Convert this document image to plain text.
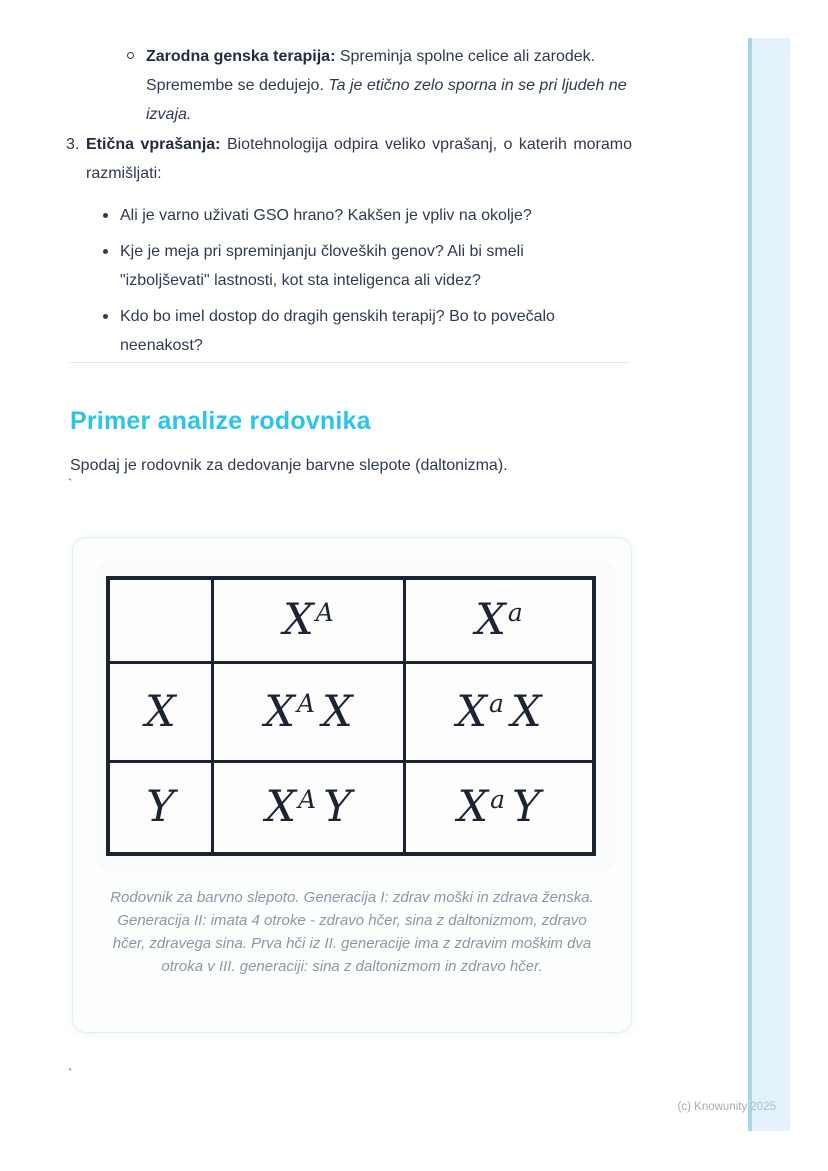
Zarodna genska terapija: Spreminja spolne celice ali zarodek. Spremembe se dedujejo. Ta je etično zelo sporna in se pri ljudeh ne izvaja.
3. Etična vprašanja: Biotehnologija odpira veliko vprašanj, o katerih moramo razmišljati:

Ali je varno uživati GSO hrano? Kakšen je vpliv na okolje?
Kje je meja pri spreminjanju človeških genov? Ali bi smeli "izboljševati" lastnosti, kot sta inteligenca ali videz?
Kdo bo imel dostop do dragih genskih terapij? Bo to povečalo neenakost?
Primer analize rodovnika

Spodaj je rodovnik za dedovanje barvne slepote (daltonizma).

`
	$X^A$	$X^a$
X	$X^A$ X	$X^a$ X
Y	$X^A$ Y	$X^a$ Y

Rodovnik za barvno slepoto. Generacija I: zdrav moški in zdrava ženska. Generacija II: imata 4 otroke - zdravo hčer, sina z daltonizmom, zdravo hčer, zdravega sina. Prva hči iz II. generacije ima z zdravim moškim dva otroka v III. generaciji: sina z daltonizmom in zdravo hčer.

`
(c) Knowunity 2025
